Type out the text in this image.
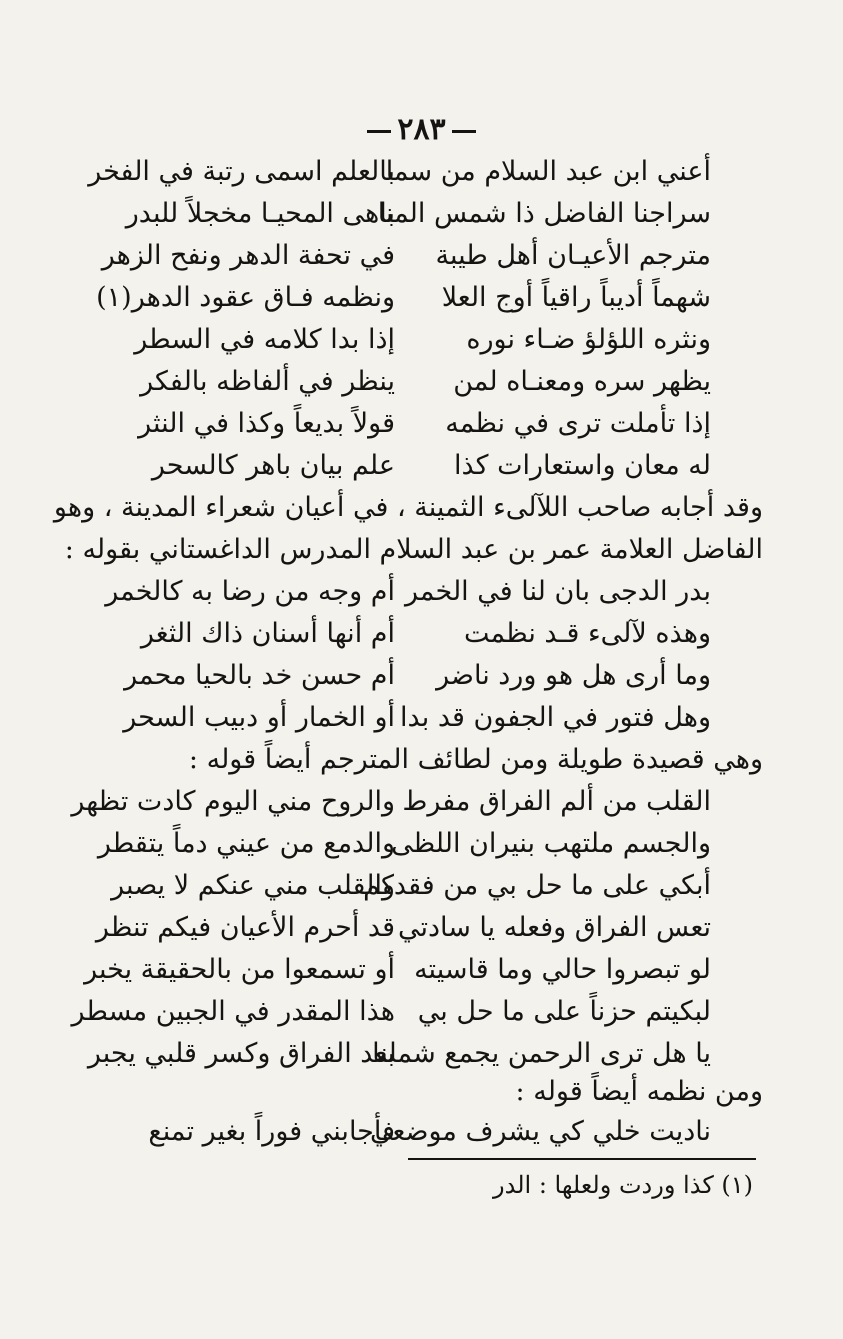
٢٨٣
أعني ابن عبد السلام من سما
بالعلم اسمى رتبة في الفخر
سراجنا الفاضل ذا شمس المنا
باهى المحيـا مخجلاً للبدر
مترجم الأعيـان أهل طيبة
في تحفة الدهر ونفح الزهر
شهماً أديباً راقياً أوج العلا
ونظمه فـاق عقود الدهر(١)
ونثره اللؤلؤ ضـاء نوره
إذا بدا كلامه في السطر
يظهر سره ومعنـاه لمن
ينظر في ألفاظه بالفكر
إذا تأملت ترى في نظمه
قولاً بديعاً وكذا في النثر
له معان واستعارات كذا
علم بيان باهر كالسحر
وقد أجابه صاحب اللآلىء الثمينة ، في أعيان شعراء المدينة ، وهو
الفاضل العلامة عمر بن عبد السلام المدرس الداغستاني بقوله :
بدر الدجى بان لنا في الخمر
أم وجه من رضا به كالخمر
وهذه لآلىء قـد نظمت
أم أنها أسنان ذاك الثغر
وما أرى هل هو ورد ناضر
أم حسن خد بالحيا محمر
وهل فتور في الجفون قد بدا
أو الخمار أو دبيب السحر
وهي قصيدة طويلة ومن لطائف المترجم أيضاً قوله :
القلب من ألم الفراق مفرط
والروح مني اليوم كادت تظهر
والجسم ملتهب بنيران اللظى
والدمع من عيني دماً يتقطر
أبكي على ما حل بي من فقدكم
والقلب مني عنكم لا يصبر
تعس الفراق وفعله يا سادتي
قد أحرم الأعيان فيكم تنظر
لو تبصروا حالي وما قاسيته
أو تسمعوا من بالحقيقة يخبر
لبكيتم حزناً على ما حل بي
هذا المقدر في الجبين مسطر
يا هل ترى الرحمن يجمع شملنا
بعد الفراق وكسر قلبي يجبر
ومن نظمه أيضاً قوله :
ناديت خلي كي يشرف موضعي
فأجابني فوراً بغير تمنع
(١) كذا وردت ولعلها : الدر
